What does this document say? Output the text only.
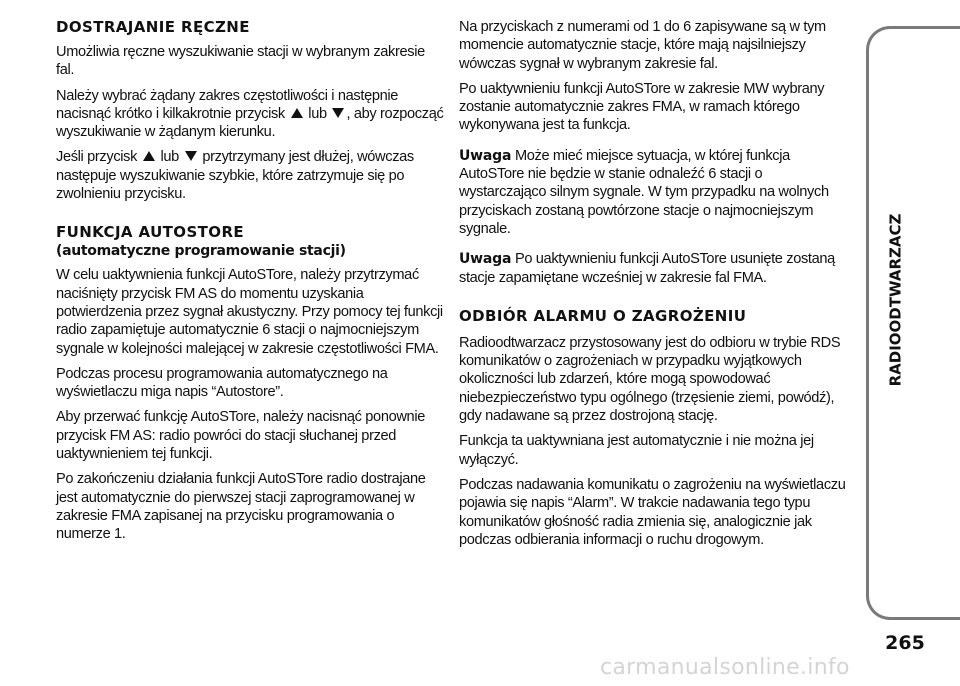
DOSTRAJANIE RĘCZNE

Umożliwia ręczne wyszukiwanie stacji w wybranym zakresie fal.

Należy wybrać żądany zakres częstotliwości i następnie nacisnąć krótko i kilkakrotnie przycisk lub , aby rozpocząć wyszukiwanie w żądanym kierunku.

Jeśli przycisk lub przytrzymany jest dłużej, wówczas następuje wyszukiwanie szybkie, które zatrzymuje się po zwolnieniu przycisku.

FUNKCJA AUTOSTORE
(automatyczne programowanie stacji)

W celu uaktywnienia funkcji AutoSTore, należy przytrzymać naciśnięty przycisk FM AS do momentu uzyskania potwierdzenia przez sygnał akustyczny. Przy pomocy tej funkcji radio zapamiętuje automatycznie 6 stacji o najmocniejszym sygnale w kolejności malejącej w zakresie częstotliwości FMA.

Podczas procesu programowania automatycznego na wyświetlaczu miga napis “Autostore”.

Aby przerwać funkcję AutoSTore, należy nacisnąć ponownie przycisk FM AS: radio powróci do stacji słuchanej przed uaktywnieniem tej funkcji.

Po zakończeniu działania funkcji AutoSTore radio dostrajane jest automatycznie do pierwszej stacji zaprogramowanej w zakresie FMA zapisanej na przycisku programowania o numerze 1.

Na przyciskach z numerami od 1 do 6 zapisywane są w tym momencie automatycznie stacje, które mają najsilniejszy wówczas sygnał w wybranym zakresie fal.

Po uaktywnieniu funkcji AutoSTore w zakresie MW wybrany zostanie automatycznie zakres FMA, w ramach którego wykonywana jest ta funkcja.

Uwaga Może mieć miejsce sytuacja, w której funkcja AutoSTore nie będzie w stanie odnaleźć 6 stacji o wystarczająco silnym sygnale. W tym przypadku na wolnych przyciskach zostaną powtórzone stacje o najmocniejszym sygnale.

Uwaga Po uaktywnieniu funkcji AutoSTore usunięte zostaną stacje zapamiętane wcześniej w zakresie fal FMA.

ODBIÓR ALARMU O ZAGROŻENIU

Radioodtwarzacz przystosowany jest do odbioru w trybie RDS komunikatów o zagrożeniach w przypadku wyjątkowych okoliczności lub zdarzeń, które mogą spowodować niebezpieczeństwo typu ogólnego (trzęsienie ziemi, powódź), gdy nadawane są przez dostrojoną stację.

Funkcja ta uaktywniana jest automatycznie i nie można jej wyłączyć.

Podczas nadawania komunikatu o zagrożeniu na wyświetlaczu pojawia się napis “Alarm”. W trakcie nadawania tego typu komunikatów głośność radia zmienia się, analogicznie jak podczas odbierania informacji o ruchu drogowym.

RADIOODTWARZACZ
265
carmanualsonline.info
